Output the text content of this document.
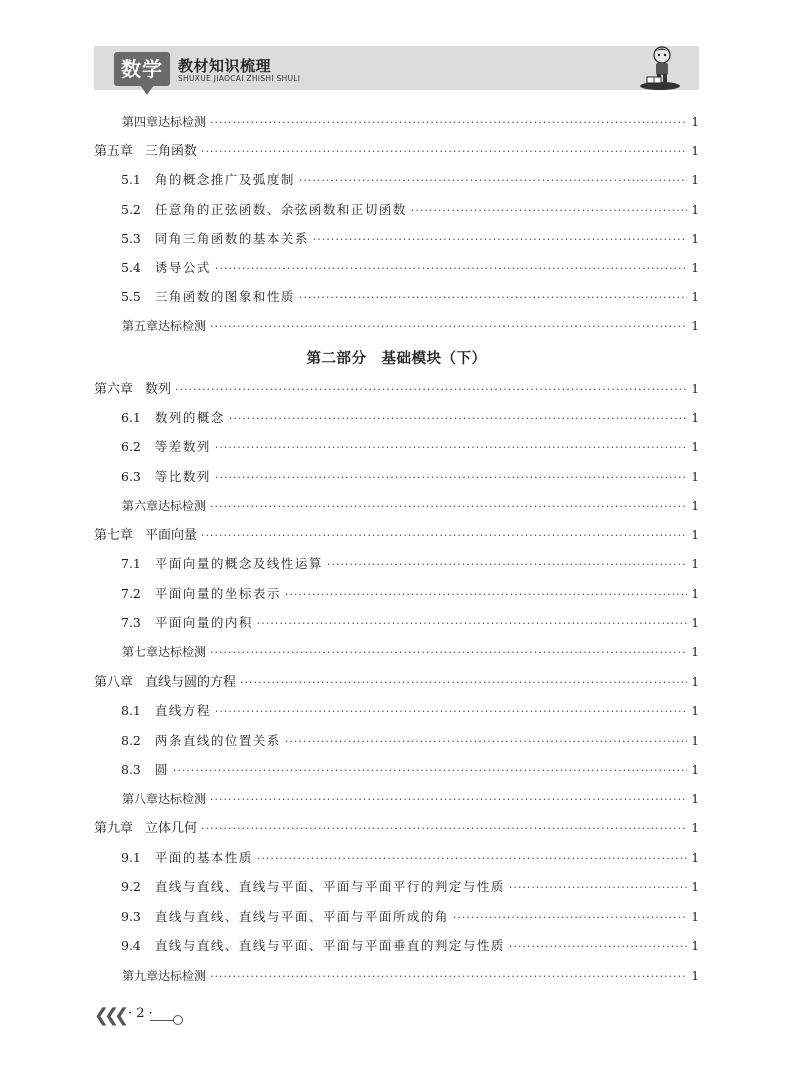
数学	教材知识梳理
SHUXUE JIAOCAI ZHISHI SHULI
第四章达标检测 ·····	1
第五章 三角函数 ·····	1
5.1 角的概念推广及弧度制 ·····	1
5.2 任意角的正弦函数、余弦函数和正切函数 ·····	1
5.3 同角三角函数的基本关系 ·····	1
5.4 诱导公式 ·····	1
5.5 三角函数的图象和性质 ·····	1
第五章达标检测 ·····	1
第六章 数列 ·····	1
6.1 数列的概念 ·····	1
6.2 等差数列 ·····	1
6.3 等比数列 ·····	1
第六章达标检测 ·····	1
第七章 平面向量 ·····	1
7.1 平面向量的概念及线性运算 ·····	1
7.2 平面向量的坐标表示 ·····	1
7.3 平面向量的内积 ·····	1
第七章达标检测 ·····	1
第八章 直线与圆的方程 ·····	1
8.1 直线方程 ·····	1
8.2 两条直线的位置关系 ·····	1
8.3 圆 ·····	1
第八章达标检测 ·····	1
第九章 立体几何 ·····	1
9.1 平面的基本性质 ·····	1
9.2 直线与直线、直线与平面、平面与平面平行的判定与性质 ·····	1
9.3 直线与直线、直线与平面、平面与平面所成的角 ·····	1
9.4 直线与直线、直线与平面、平面与平面垂直的判定与性质 ·····	1
第九章达标检测 ·····	1
第二部分　基础模块（下）
❮❮❮ · 2 ·
